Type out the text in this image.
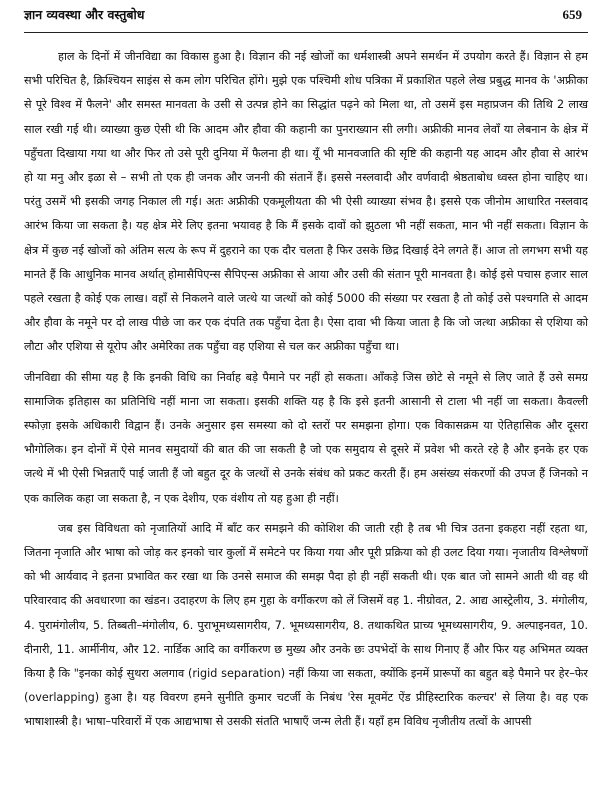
ज्ञान व्यवस्था और वस्तुबोध	659

हाल के दिनों में जीनविद्या का विकास हुआ है। विज्ञान की नई खोजों का धर्मशास्त्री अपने समर्थन में उपयोग करते हैं। विज्ञान से हम सभी परिचित है, क्रिश्चियन साइंस से कम लोग परिचित होंगे। मुझे एक पश्चिमी शोध पत्रिका में प्रकाशित पहले लेख प्रबुद्ध मानव के 'अफ्रीका से पूरे विश्व में फैलने' और समस्त मानवता के उसी से उत्पन्न होने का सिद्धांत पढ़ने को मिला था, तो उसमें इस महाप्रजन की तिथि 2 लाख साल रखी गई थी। व्याख्या कुछ ऐसी थी कि आदम और हौवा की कहानी का पुनराख्यान सी लगी। अफ्रीकी मानव लेवाँ या लेबनान के क्षेत्र में पहुँचता दिखाया गया था और फिर तो उसे पूरी दुनिया में फैलना ही था। यूँ भी मानवजाति की सृष्टि की कहानी यह आदम और हौवा से आरंभ हो या मनु और इळा से – सभी तो एक ही जनक और जननी की संतानें हैं। इससे नस्लवादी और वर्णवादी श्रेष्ठताबोध ध्वस्त होना चाहिए था। परंतु उसमें भी इसकी जगह निकाल ली गई। अतः अफ्रीकी एकमूलीयता की भी ऐसी व्याख्या संभव है। इससे एक जीनोम आधारित नस्लवाद आरंभ किया जा सकता है। यह क्षेत्र मेरे लिए इतना भयावह है कि मैं इसके दावों को झुठला भी नहीं सकता, मान भी नहीं सकता। विज्ञान के क्षेत्र में कुछ नई खोजों को अंतिम सत्य के रूप में दुहराने का एक दौर चलता है फिर उसके छिद्र दिखाई देने लगते हैं। आज तो लगभग सभी यह मानते हैं कि आधुनिक मानव अर्थात् होमासैपिएन्स सैपिएन्स अफ्रीका से आया और उसी की संतान पूरी मानवता है। कोई इसे पचास हजार साल पहले रखता है कोई एक लाख। वहाँ से निकलने वाले जत्थे या जत्थों को कोई 5000 की संख्या पर रखता है तो कोई उसे पश्चगति से आदम और हौवा के नमूने पर दो लाख पीछे जा कर एक दंपति तक पहुँचा देता है। ऐसा दावा भी किया जाता है कि जो जत्था अफ्रीका से एशिया को लौटा और एशिया से यूरोप और अमेरिका तक पहुँचा वह एशिया से चल कर अफ्रीका पहुँचा था।

जीनविद्या की सीमा यह है कि इनकी विधि का निर्वाह बड़े पैमाने पर नहीं हो सकता। आँकड़े जिस छोटे से नमूने से लिए जाते हैं उसे समग्र सामाजिक इतिहास का प्रतिनिधि नहीं माना जा सकता। इसकी शक्ति यह है कि इसे इतनी आसानी से टाला भी नहीं जा सकता। कैवल्ली स्फोज़ा इसके अधिकारी विद्वान हैं। उनके अनुसार इस समस्या को दो स्तरों पर समझना होगा। एक विकासक्रम या ऐतिहासिक और दूसरा भौगोलिक। इन दोनों में ऐसे मानव समुदायों की बात की जा सकती है जो एक समुदाय से दूसरे में प्रवेश भी करते रहे है और इनके हर एक जत्थे में भी ऐसी भिन्नताएँ पाई जाती हैं जो बहुत दूर के जत्थों से उनके संबंध को प्रकट करती हैं। हम असंख्य संकरणों की उपज हैं जिनको न एक कालिक कहा जा सकता है, न एक देशीय, एक वंशीय तो यह हुआ ही नहीं।

जब इस विविधता को नृजातियों आदि में बाँट कर समझने की कोशिश की जाती रही है तब भी चित्र उतना इकहरा नहीं रहता था, जितना नृजाति और भाषा को जोड़ कर इनको चार कुलों में समेटने पर किया गया और पूरी प्रक्रिया को ही उलट दिया गया। नृजातीय विश्लेषणों को भी आर्यवाद ने इतना प्रभावित कर रखा था कि उनसे समाज की समझ पैदा हो ही नहीं सकती थी। एक बात जो सामने आती थी वह थी परिवारवाद की अवधारणा का खंडन। उदाहरण के लिए हम गुहा के वर्गीकरण को लें जिसमें वह 1. नीग्रोवत, 2. आद्य आस्ट्रेलीय, 3. मंगोलीय, 4. पुरामंगोलीय, 5. तिब्बती–मंगोलीय, 6. पुराभूमध्यसागरीय, 7. भूमध्यसागरीय, 8. तथाकथित प्राच्य भूमध्यसागरीय, 9. अल्पाइनवत, 10. दीनारी, 11. आर्मीनीय, और 12. नार्डिक आदि का वर्गीकरण छ मुख्य और उनके छः उपभेदों के साथ गिनाए हैं और फिर यह अभिमत व्यक्त किया है कि "इनका कोई सुथरा अलगाव (rigid separation) नहीं किया जा सकता, क्योंकि इनमें प्रारूपों का बहुत बड़े पैमाने पर हेर–फेर (overlapping) हुआ है। यह विवरण हमने सुनीति कुमार चटर्जी के निबंध 'रेस मूवमेंट ऐंड प्रीहिस्टारिक कल्चर' से लिया है। वह एक भाषाशास्त्री है। भाषा–परिवारों में एक आद्यभाषा से उसकी संतति भाषाएँ जन्म लेती हैं। यहाँ हम विविध नृजीतीय तत्वों के आपसी
